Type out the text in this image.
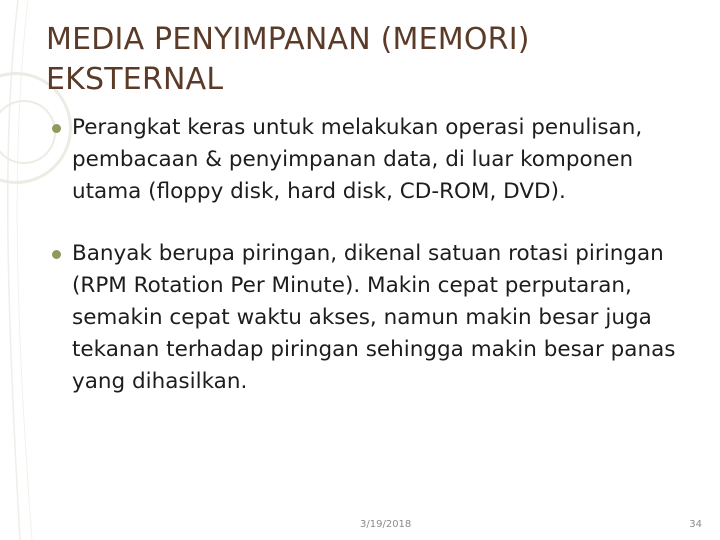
MEDIA PENYIMPANAN (MEMORI) EKSTERNAL
Perangkat keras untuk melakukan operasi penulisan, pembacaan & penyimpanan data, di luar komponen utama (floppy disk, hard disk, CD-ROM, DVD).
Banyak berupa piringan, dikenal satuan rotasi piringan (RPM Rotation Per Minute). Makin cepat perputaran, semakin cepat waktu akses, namun makin besar juga tekanan terhadap piringan sehingga makin besar panas yang dihasilkan.
3/19/2018	34
